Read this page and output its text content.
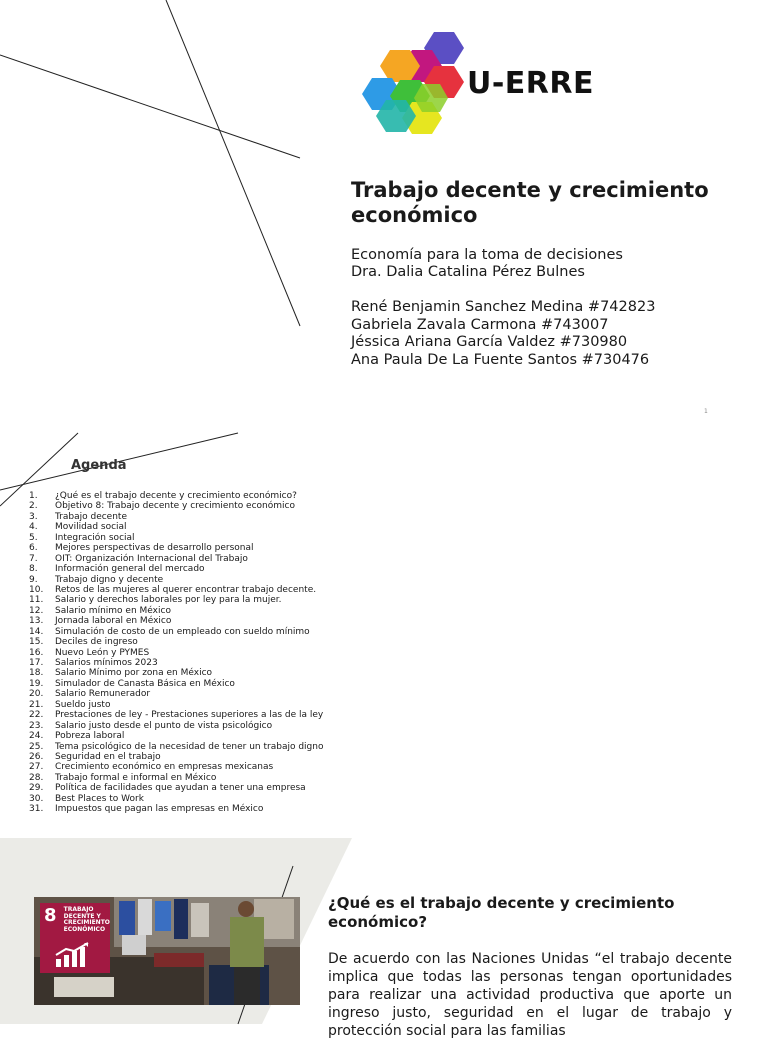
U-ERRE
Trabajo decente y crecimiento económico
Economía para la toma de decisiones
Dra. Dalia Catalina Pérez Bulnes
René Benjamin Sanchez Medina #742823
Gabriela Zavala Carmona #743007
Jéssica Ariana García Valdez #730980
Ana Paula De La Fuente Santos #730476
1
Agenda
1.	¿Qué es el trabajo decente y crecimiento económico?
2.	Objetivo 8: Trabajo decente y crecimiento económico
3.	Trabajo decente
4.	Movilidad social
5.	Integración social
6.	Mejores perspectivas de desarrollo personal
7.	OIT: Organización Internacional del Trabajo
8.	Información general del mercado
9.	Trabajo digno y decente
10.	Retos de las mujeres al querer encontrar trabajo decente.
11.	Salario y derechos laborales por ley para la mujer.
12.	Salario mínimo en México
13.	Jornada laboral en México
14.	Simulación de costo de un empleado con sueldo mínimo
15.	Deciles de ingreso
16.	Nuevo León y PYMES
17.	Salarios mínimos 2023
18.	Salario Mínimo por zona en México
19.	Simulador de Canasta Básica en México
20.	Salario Remunerador
21.	Sueldo justo
22.	Prestaciones de ley - Prestaciones superiores a las de la ley
23.	Salario justo desde el punto de vista psicológico
24.	Pobreza laboral
25.	Tema psicológico de la necesidad de tener un trabajo digno
26.	Seguridad en el trabajo
27.	Crecimiento económico en empresas mexicanas
28.	Trabajo formal e informal en México
29.	Política de facilidades que ayudan a tener una empresa
30.	Best Places to Work
31.	Impuestos que pagan las empresas en México
8 TRABAJO DECENTE Y CRECIMIENTO ECONÓMICO
¿Qué es el trabajo decente y crecimiento económico?

De acuerdo con las Naciones Unidas “el trabajo decente implica que todas las personas tengan oportunidades para realizar una actividad productiva que aporte un ingreso justo, seguridad en el lugar de trabajo y protección social para las familias
